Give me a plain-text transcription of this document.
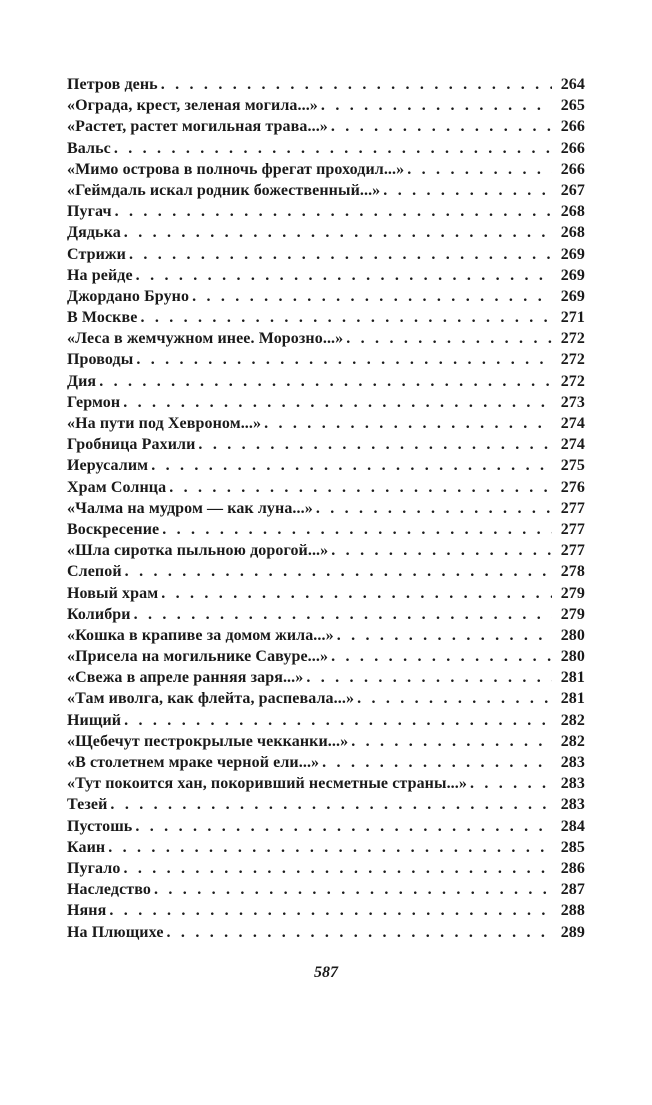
Петров день . . .	264
«Ограда, крест, зеленая могила...» . . .	265
«Растет, растет могильная трава...» . . .	266
Вальс . . .	266
«Мимо острова в полночь фрегат проходил...» . . .	266
«Геймдаль искал родник божественный...» . . .	267
Пугач . . .	268
Дядька . . .	268
Стрижи . . .	269
На рейде . . .	269
Джордано Бруно . . .	269
В Москве . . .	271
«Леса в жемчужном инее. Морозно...» . . .	272
Проводы . . .	272
Дия . . .	272
Гермон . . .	273
«На пути под Хевроном...» . . .	274
Гробница Рахили . . .	274
Иерусалим . . .	275
Храм Солнца . . .	276
«Чалма на мудром — как луна...» . . .	277
Воскресение . . .	277
«Шла сиротка пыльною дорогой...» . . .	277
Слепой . . .	278
Новый храм . . .	279
Колибри . . .	279
«Кошка в крапиве за домом жила...» . . .	280
«Присела на могильнике Савуре...» . . .	280
«Свежа в апреле ранняя заря...» . . .	281
«Там иволга, как флейта, распевала...» . . .	281
Нищий . . .	282
«Щебечут пестрокрылые чекканки...» . . .	282
«В столетнем мраке черной ели...» . . .	283
«Тут покоится хан, покоривший несметные страны...» . . .	283
Тезей . . .	283
Пустошь . . .	284
Каин . . .	285
Пугало . . .	286
Наследство . . .	287
Няня . . .	288
На Плющихе . . .	289
587
